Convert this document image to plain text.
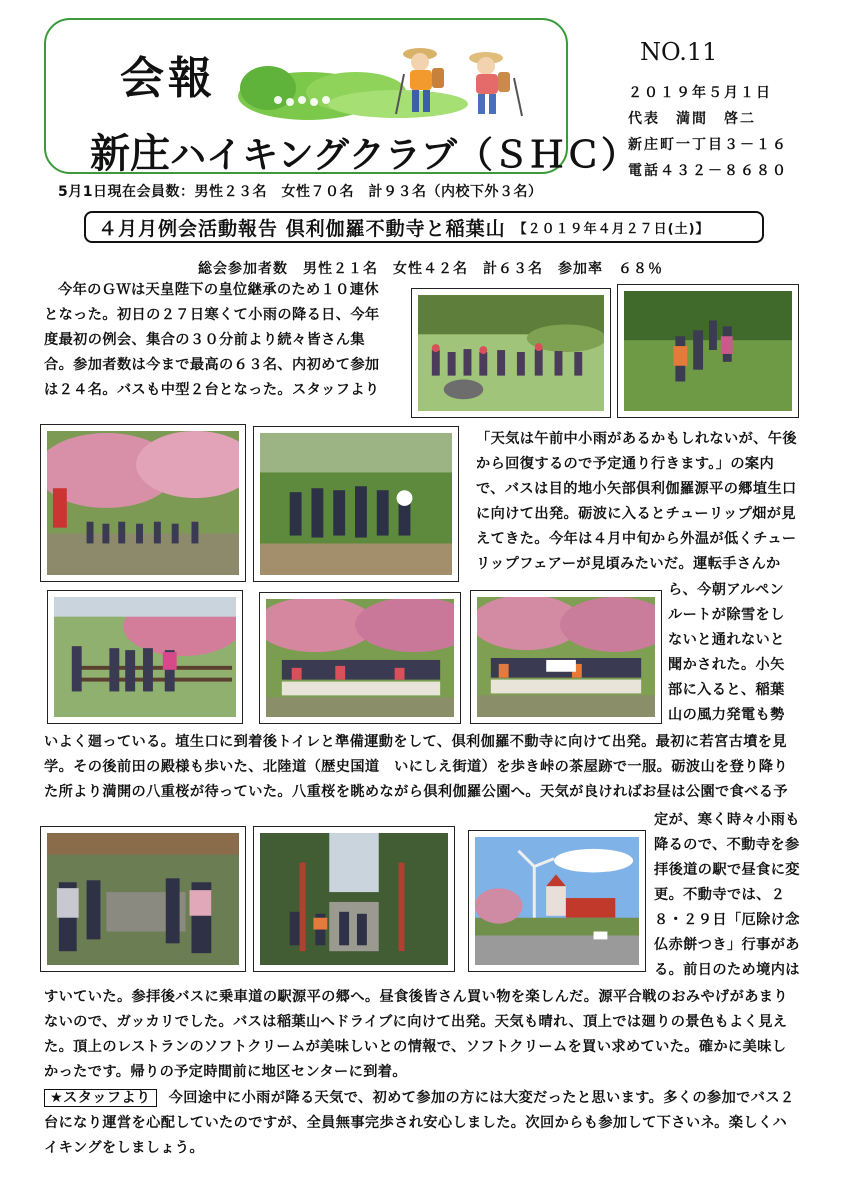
会報
新庄ハイキングクラブ（ＳＨＣ）
NO.11
２０１９年５月１日
代表　満間　啓二
新庄町一丁目３－１６
電話４３２－８６８０
5月1日現在会員数：男性２３名　女性７０名　計９３名（内校下外３名）
４月月例会活動報告 倶利伽羅不動寺と稲葉山 【２０１９年４月２７日(土)】
総会参加者数　男性２１名　女性４２名　計６３名　参加率　６８％
今年のＧＷは天皇陛下の皇位継承のため１０連休
となった。初日の２７日寒くて小雨の降る日、今年
度最初の例会、集合の３０分前より続々皆さん集
合。参加者数は今まで最高の６３名、内初めて参加
は２４名。バスも中型２台となった。スタッフより
「天気は午前中小雨があるかもしれないが、午後
から回復するので予定通り行きます。」の案内
で、バスは目的地小矢部倶利伽羅源平の郷埴生口
に向けて出発。砺波に入るとチューリップ畑が見
えてきた。今年は４月中旬から外温が低くチュー
リップフェアーが見頃みたいだ。運転手さんか
ら、今朝アルペン
ルートが除雪をし
ないと通れないと
聞かされた。小矢
部に入ると、稲葉
山の風力発電も勢
いよく廻っている。埴生口に到着後トイレと準備運動をして、倶利伽羅不動寺に向けて出発。最初に若宮古墳を見
学。その後前田の殿様も歩いた、北陸道（歴史国道　いにしえ街道）を歩き峠の茶屋跡で一服。砺波山を登り降り
た所より満開の八重桜が待っていた。八重桜を眺めながら倶利伽羅公園へ。天気が良ければお昼は公園で食べる予
定が、寒く時々小雨も
降るので、不動寺を参
拝後道の駅で昼食に変
更。不動寺では、２
８・２９日「厄除け念
仏赤餅つき」行事があ
る。前日のため境内は
すいていた。参拝後バスに乗車道の駅源平の郷へ。昼食後皆さん買い物を楽しんだ。源平合戦のおみやげがあまり
ないので、ガッカリでした。バスは稲葉山へドライブに向けて出発。天気も晴れ、頂上では廻りの景色もよく見え
た。頂上のレストランのソフトクリームが美味しいとの情報で、ソフトクリームを買い求めていた。確かに美味し
かったです。帰りの予定時間前に地区センターに到着。
★スタッフより 今回途中に小雨が降る天気で、初めて参加の方には大変だったと思います。多くの参加でバス２
台になり運営を心配していたのですが、全員無事完歩され安心しました。次回からも参加して下さいネ。楽しくハ
イキングをしましょう。
